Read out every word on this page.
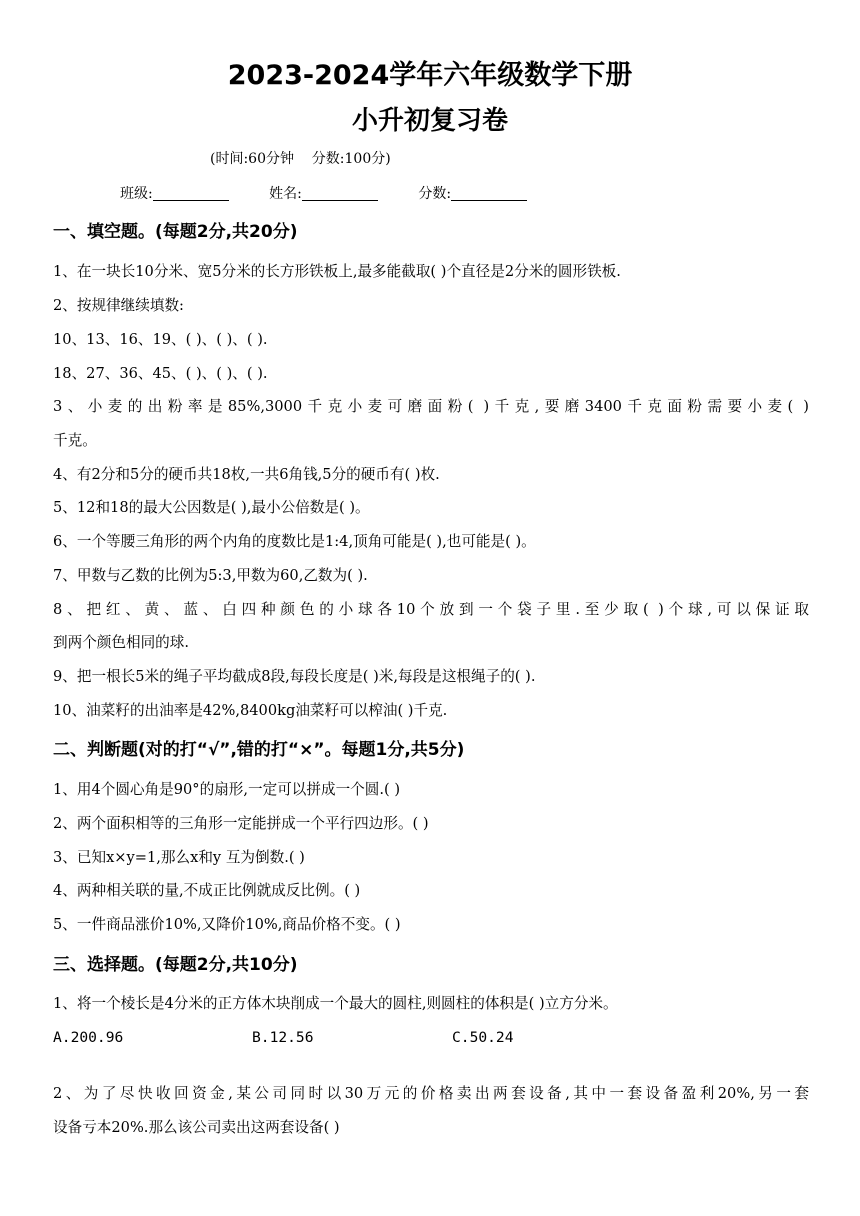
2023-2024学年六年级数学下册
小升初复习卷
(时间:60分钟    分数:100分)
班级:	姓名:	分数:
一、填空题。(每题2分,共20分)
1、在一块长10分米、宽5分米的长方形铁板上,最多能截取( )个直径是2分米的圆形铁板.
2、按规律继续填数:
10、13、16、19、( )、( )、( ).
18、27、36、45、( )、( )、( ).
3、小麦的出粉率是85%,3000千克小麦可磨面粉( )千克,要磨3400千克面粉需要小麦( )
千克。
4、有2分和5分的硬币共18枚,一共6角钱,5分的硬币有( )枚.
5、12和18的最大公因数是( ),最小公倍数是( )。
6、一个等腰三角形的两个内角的度数比是1:4,顶角可能是( ),也可能是( )。
7、甲数与乙数的比例为5:3,甲数为60,乙数为( ).
8、把红、黄、蓝、白四种颜色的小球各10个放到一个袋子里.至少取( )个球,可以保证取
到两个颜色相同的球.
9、把一根长5米的绳子平均截成8段,每段长度是( )米,每段是这根绳子的( ).
10、油菜籽的出油率是42%,8400kg油菜籽可以榨油( )千克.
二、判断题(对的打“√”,错的打“×”。每题1分,共5分)
1、用4个圆心角是90°的扇形,一定可以拼成一个圆.( )
2、两个面积相等的三角形一定能拼成一个平行四边形。( )
3、已知x×y=1,那么x和y 互为倒数.( )
4、两种相关联的量,不成正比例就成反比例。( )
5、一件商品涨价10%,又降价10%,商品价格不变。( )
三、选择题。(每题2分,共10分)
1、将一个棱长是4分米的正方体木块削成一个最大的圆柱,则圆柱的体积是( )立方分米。
A.200.96	B.12.56	C.50.24
2、为了尽快收回资金,某公司同时以30万元的价格卖出两套设备,其中一套设备盈利20%,另一套
设备亏本20%.那么该公司卖出这两套设备( )
